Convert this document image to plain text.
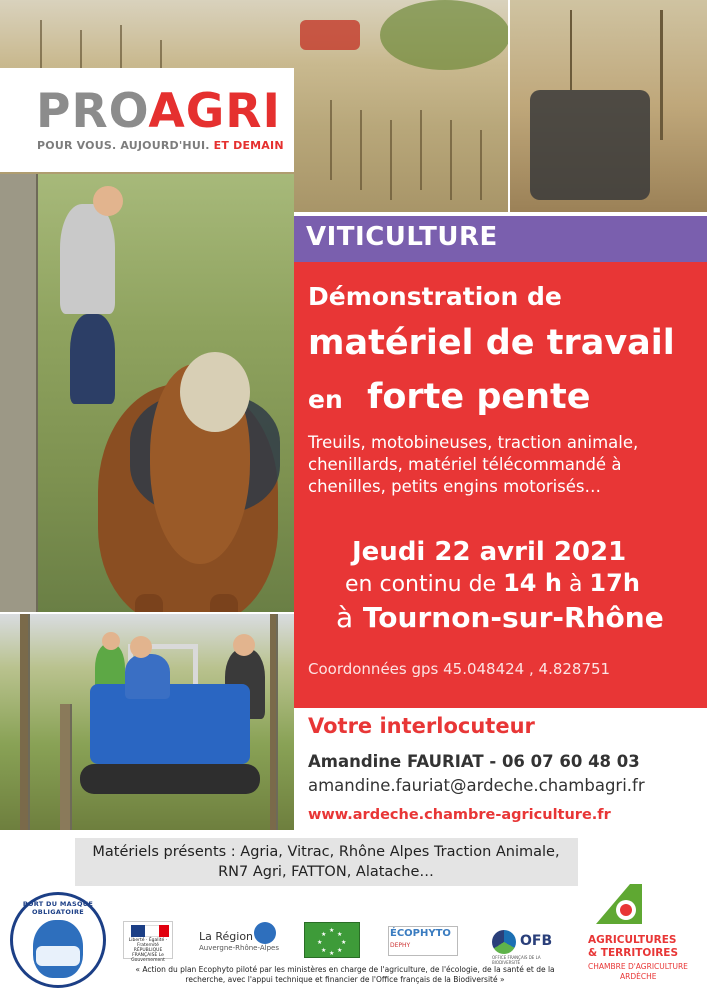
PROAGRI
POUR VOUS. AUJOURD'HUI. ET DEMAIN
VITICULTURE
Démonstration de
matériel de travail
en forte pente
Treuils, motobineuses, traction animale, chenillards, matériel télécommandé à chenilles, petits engins motorisés…
Jeudi 22 avril 2021
en continu de 14 h à 17h
à Tournon-sur-Rhône
Coordonnées gps 45.048424 , 4.828751
Votre interlocuteur
Amandine FAURIAT - 06 07 60 48 03
amandine.fauriat@ardeche.chambagri.fr
www.ardeche.chambre-agriculture.fr
Matériels présents : Agria, Vitrac, Rhône Alpes Traction Animale, RN7 Agri, FATTON, Alatache…
PORT DU MASQUE OBLIGATOIRE
Liberté · Égalité · Fraternité RÉPUBLIQUE FRANÇAISE Le Gouvernement
La Région
Auvergne-Rhône-Alpes
★
★
★
★
★
★
★
★	ÉCOPHYTO
DEPHY	OFB
OFFICE FRANÇAIS DE LA BIODIVERSITÉ
AGRICULTURES
& TERRITOIRES
CHAMBRE D'AGRICULTURE
ARDÈCHE
« Action du plan Ecophyto piloté par les ministères en charge de l'agriculture, de l'écologie, de la santé et de la recherche, avec l'appui technique et financier de l'Office français de la Biodiversité »
